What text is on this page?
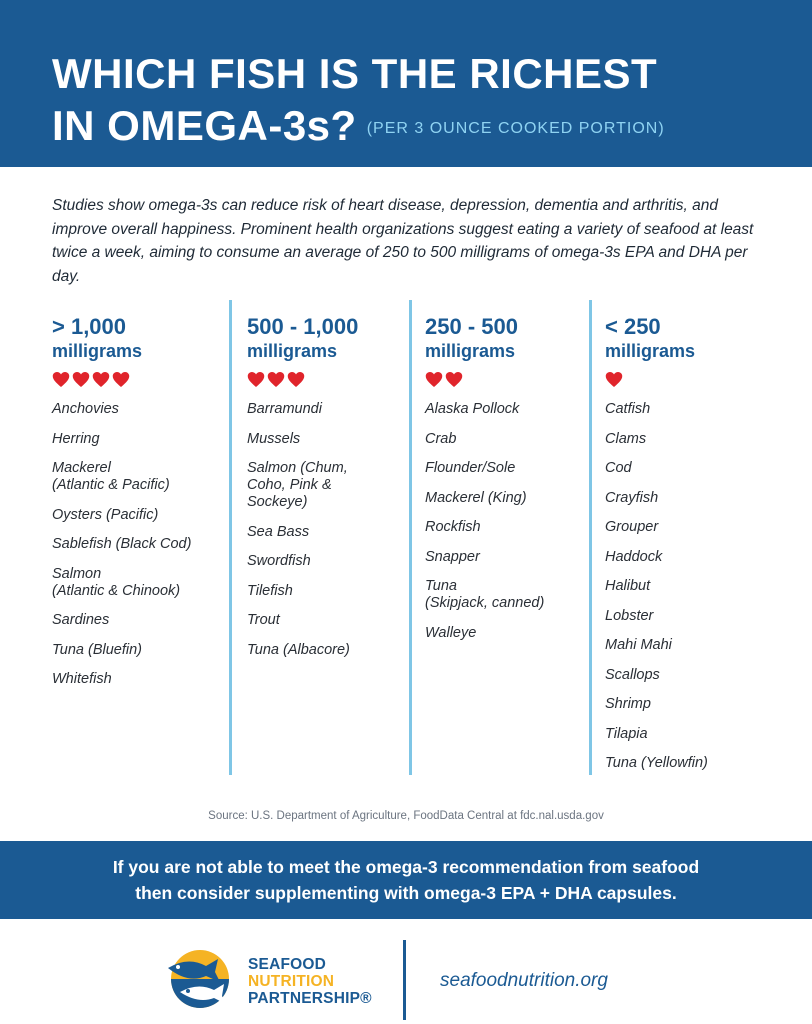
WHICH FISH IS THE RICHEST
IN OMEGA-3s? (PER 3 OUNCE COOKED PORTION)

Studies show omega-3s can reduce risk of heart disease, depression, dementia and arthritis, and improve overall happiness. Prominent health organizations suggest eating a variety of seafood at least twice a week, aiming to consume an average of 250 to 500 milligrams of omega-3s EPA and DHA per day.

> 1,000
milligrams
Anchovies
Herring
Mackerel
(Atlantic & Pacific)
Oysters (Pacific)
Sablefish (Black Cod)
Salmon
(Atlantic & Chinook)
Sardines
Tuna (Bluefin)
Whitefish
500 - 1,000
milligrams
Barramundi
Mussels
Salmon (Chum,
Coho, Pink &
Sockeye)
Sea Bass
Swordfish
Tilefish
Trout
Tuna (Albacore)
250 - 500
milligrams
Alaska Pollock
Crab
Flounder/Sole
Mackerel (King)
Rockfish
Snapper
Tuna
(Skipjack, canned)
Walleye
< 250
milligrams
Catfish
Clams
Cod
Crayfish
Grouper
Haddock
Halibut
Lobster
Mahi Mahi
Scallops
Shrimp
Tilapia
Tuna (Yellowfin)
Source: U.S. Department of Agriculture, FoodData Central at fdc.nal.usda.gov

If you are not able to meet the omega-3 recommendation from seafood
then consider supplementing with omega-3 EPA + DHA capsules.

SEAFOOD
NUTRITION
PARTNERSHIP®
seafoodnutrition.org
